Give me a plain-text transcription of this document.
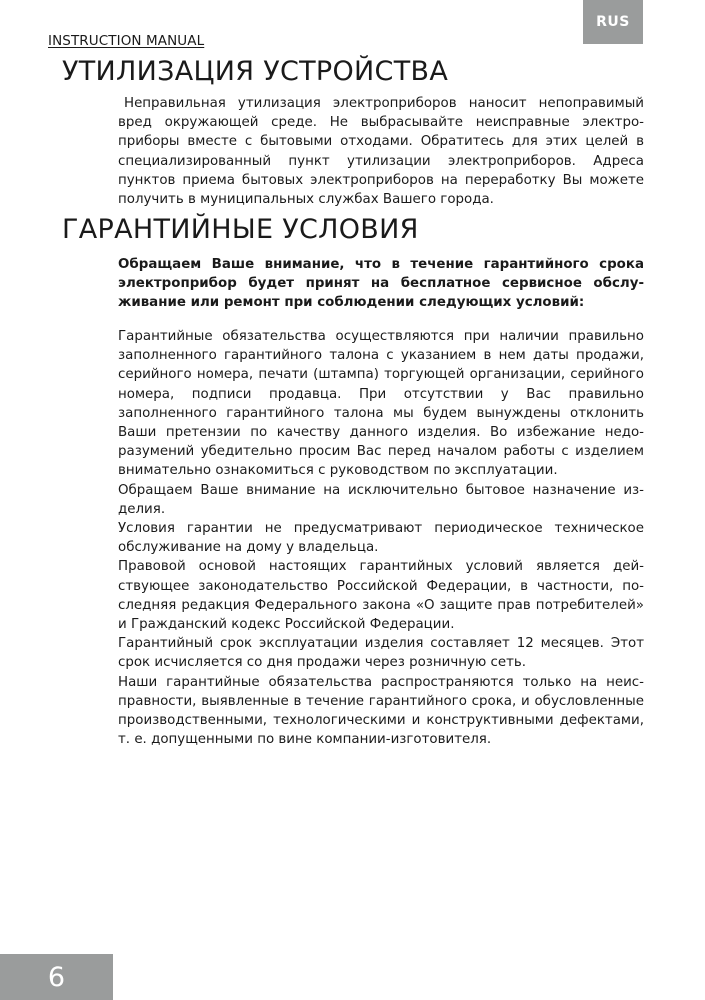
RUS
INSTRUCTION MANUAL
УТИЛИЗАЦИЯ УСТРОЙСТВА
Неправильная утилизация электроприборов наносит непоправимый вред окружающей среде. Не выбрасывайте неисправные электроприборы вместе с бытовыми отходами. Обратитесь для этих целей в специализированный пункт утилизации электроприборов. Адреса пунктов приема бытовых электроприборов на переработку Вы можете получить в муниципальных службах Вашего города.
ГАРАНТИЙНЫЕ УСЛОВИЯ
Обращаем Ваше внимание, что в течение гарантийного срока электроприбор будет принят на бесплатное сервисное обслуживание или ремонт при соблюдении следующих условий:

Гарантийные обязательства осуществляются при наличии правильно заполненного гарантийного талона с указанием в нем даты продажи, серийного номера, печати (штампа) торгующей организации, серийного номера, подписи продавца. При отсутствии у Вас правильно заполненного гарантийного талона мы будем вынуждены отклонить Ваши претензии по качеству данного изделия. Во избежание недоразумений убедительно просим Вас перед началом работы с изделием внимательно ознакомиться с руководством по эксплуатации.

Обращаем Ваше внимание на исключительно бытовое назначение изделия.

Условия гарантии не предусматривают периодическое техническое обслуживание на дому у владельца.

Правовой основой настоящих гарантийных условий является действующее законодательство Российской Федерации, в частности, последняя редакция Федерального закона «О защите прав потребителей» и Гражданский кодекс Российской Федерации.

Гарантийный срок эксплуатации изделия составляет 12 месяцев. Этот срок исчисляется со дня продажи через розничную сеть.

Наши гарантийные обязательства распространяются только на неисправности, выявленные в течение гарантийного срока, и обусловленные производственными, технологическими и конструктивными дефектами, т. е. допущенными по вине компании-изготовителя.

6
